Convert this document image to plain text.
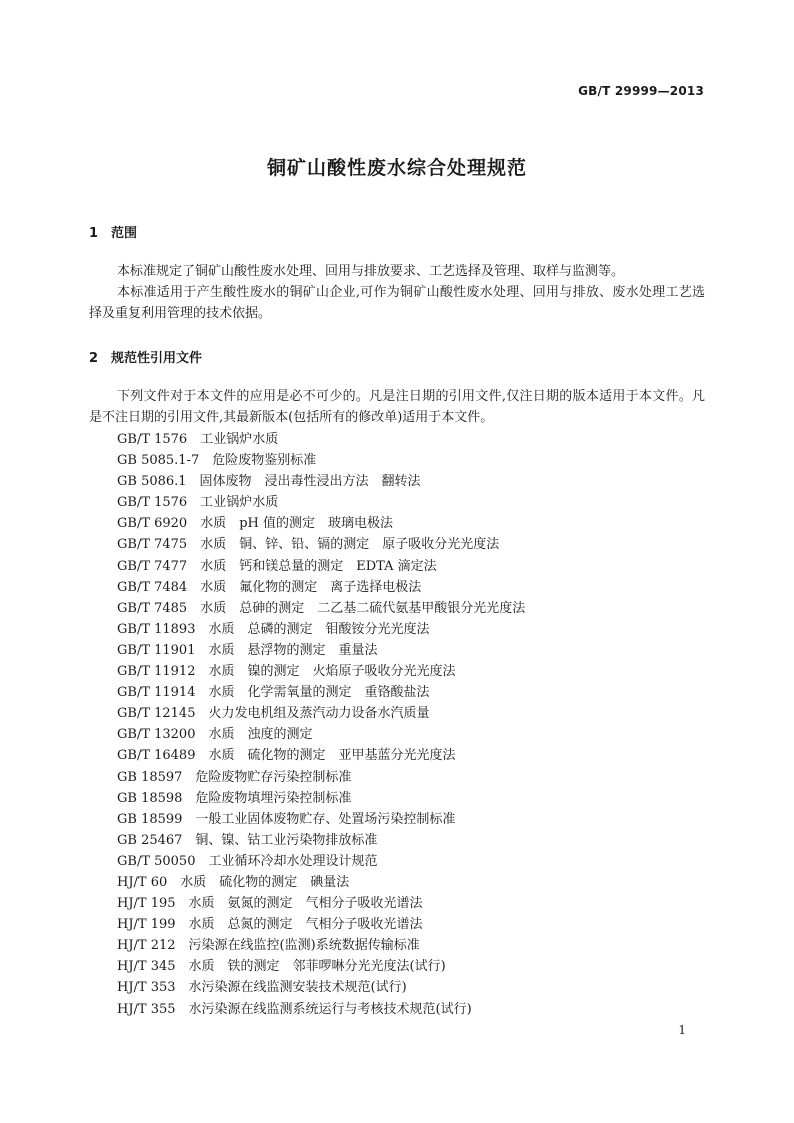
GB/T 29999—2013
铜矿山酸性废水综合处理规范
1 范围
本标准规定了铜矿山酸性废水处理、回用与排放要求、工艺选择及管理、取样与监测等。
本标准适用于产生酸性废水的铜矿山企业,可作为铜矿山酸性废水处理、回用与排放、废水处理工艺选择及重复利用管理的技术依据。
2 规范性引用文件
下列文件对于本文件的应用是必不可少的。凡是注日期的引用文件,仅注日期的版本适用于本文件。凡是不注日期的引用文件,其最新版本(包括所有的修改单)适用于本文件。
GB/T 1576　工业锅炉水质
GB 5085.1-7　危险废物鉴别标准
GB 5086.1　固体废物　浸出毒性浸出方法　翻转法
GB/T 1576　工业锅炉水质
GB/T 6920　水质　pH 值的测定　玻璃电极法
GB/T 7475　水质　铜、锌、铅、镉的测定　原子吸收分光光度法
GB/T 7477　水质　钙和镁总量的测定　EDTA 滴定法
GB/T 7484　水质　氟化物的测定　离子选择电极法
GB/T 7485　水质　总砷的测定　二乙基二硫代氨基甲酸银分光光度法
GB/T 11893　水质　总磷的测定　钼酸铵分光光度法
GB/T 11901　水质　悬浮物的测定　重量法
GB/T 11912　水质　镍的测定　火焰原子吸收分光光度法
GB/T 11914　水质　化学需氧量的测定　重铬酸盐法
GB/T 12145　火力发电机组及蒸汽动力设备水汽质量
GB/T 13200　水质　浊度的测定
GB/T 16489　水质　硫化物的测定　亚甲基蓝分光光度法
GB 18597　危险废物贮存污染控制标准
GB 18598　危险废物填埋污染控制标准
GB 18599　一般工业固体废物贮存、处置场污染控制标准
GB 25467　铜、镍、钴工业污染物排放标准
GB/T 50050　工业循环冷却水处理设计规范
HJ/T 60　水质　硫化物的测定　碘量法
HJ/T 195　水质　氨氮的测定　气相分子吸收光谱法
HJ/T 199　水质　总氮的测定　气相分子吸收光谱法
HJ/T 212　污染源在线监控(监测)系统数据传输标准
HJ/T 345　水质　铁的测定　邻菲啰啉分光光度法(试行)
HJ/T 353　水污染源在线监测安装技术规范(试行)
HJ/T 355　水污染源在线监测系统运行与考核技术规范(试行)
1
